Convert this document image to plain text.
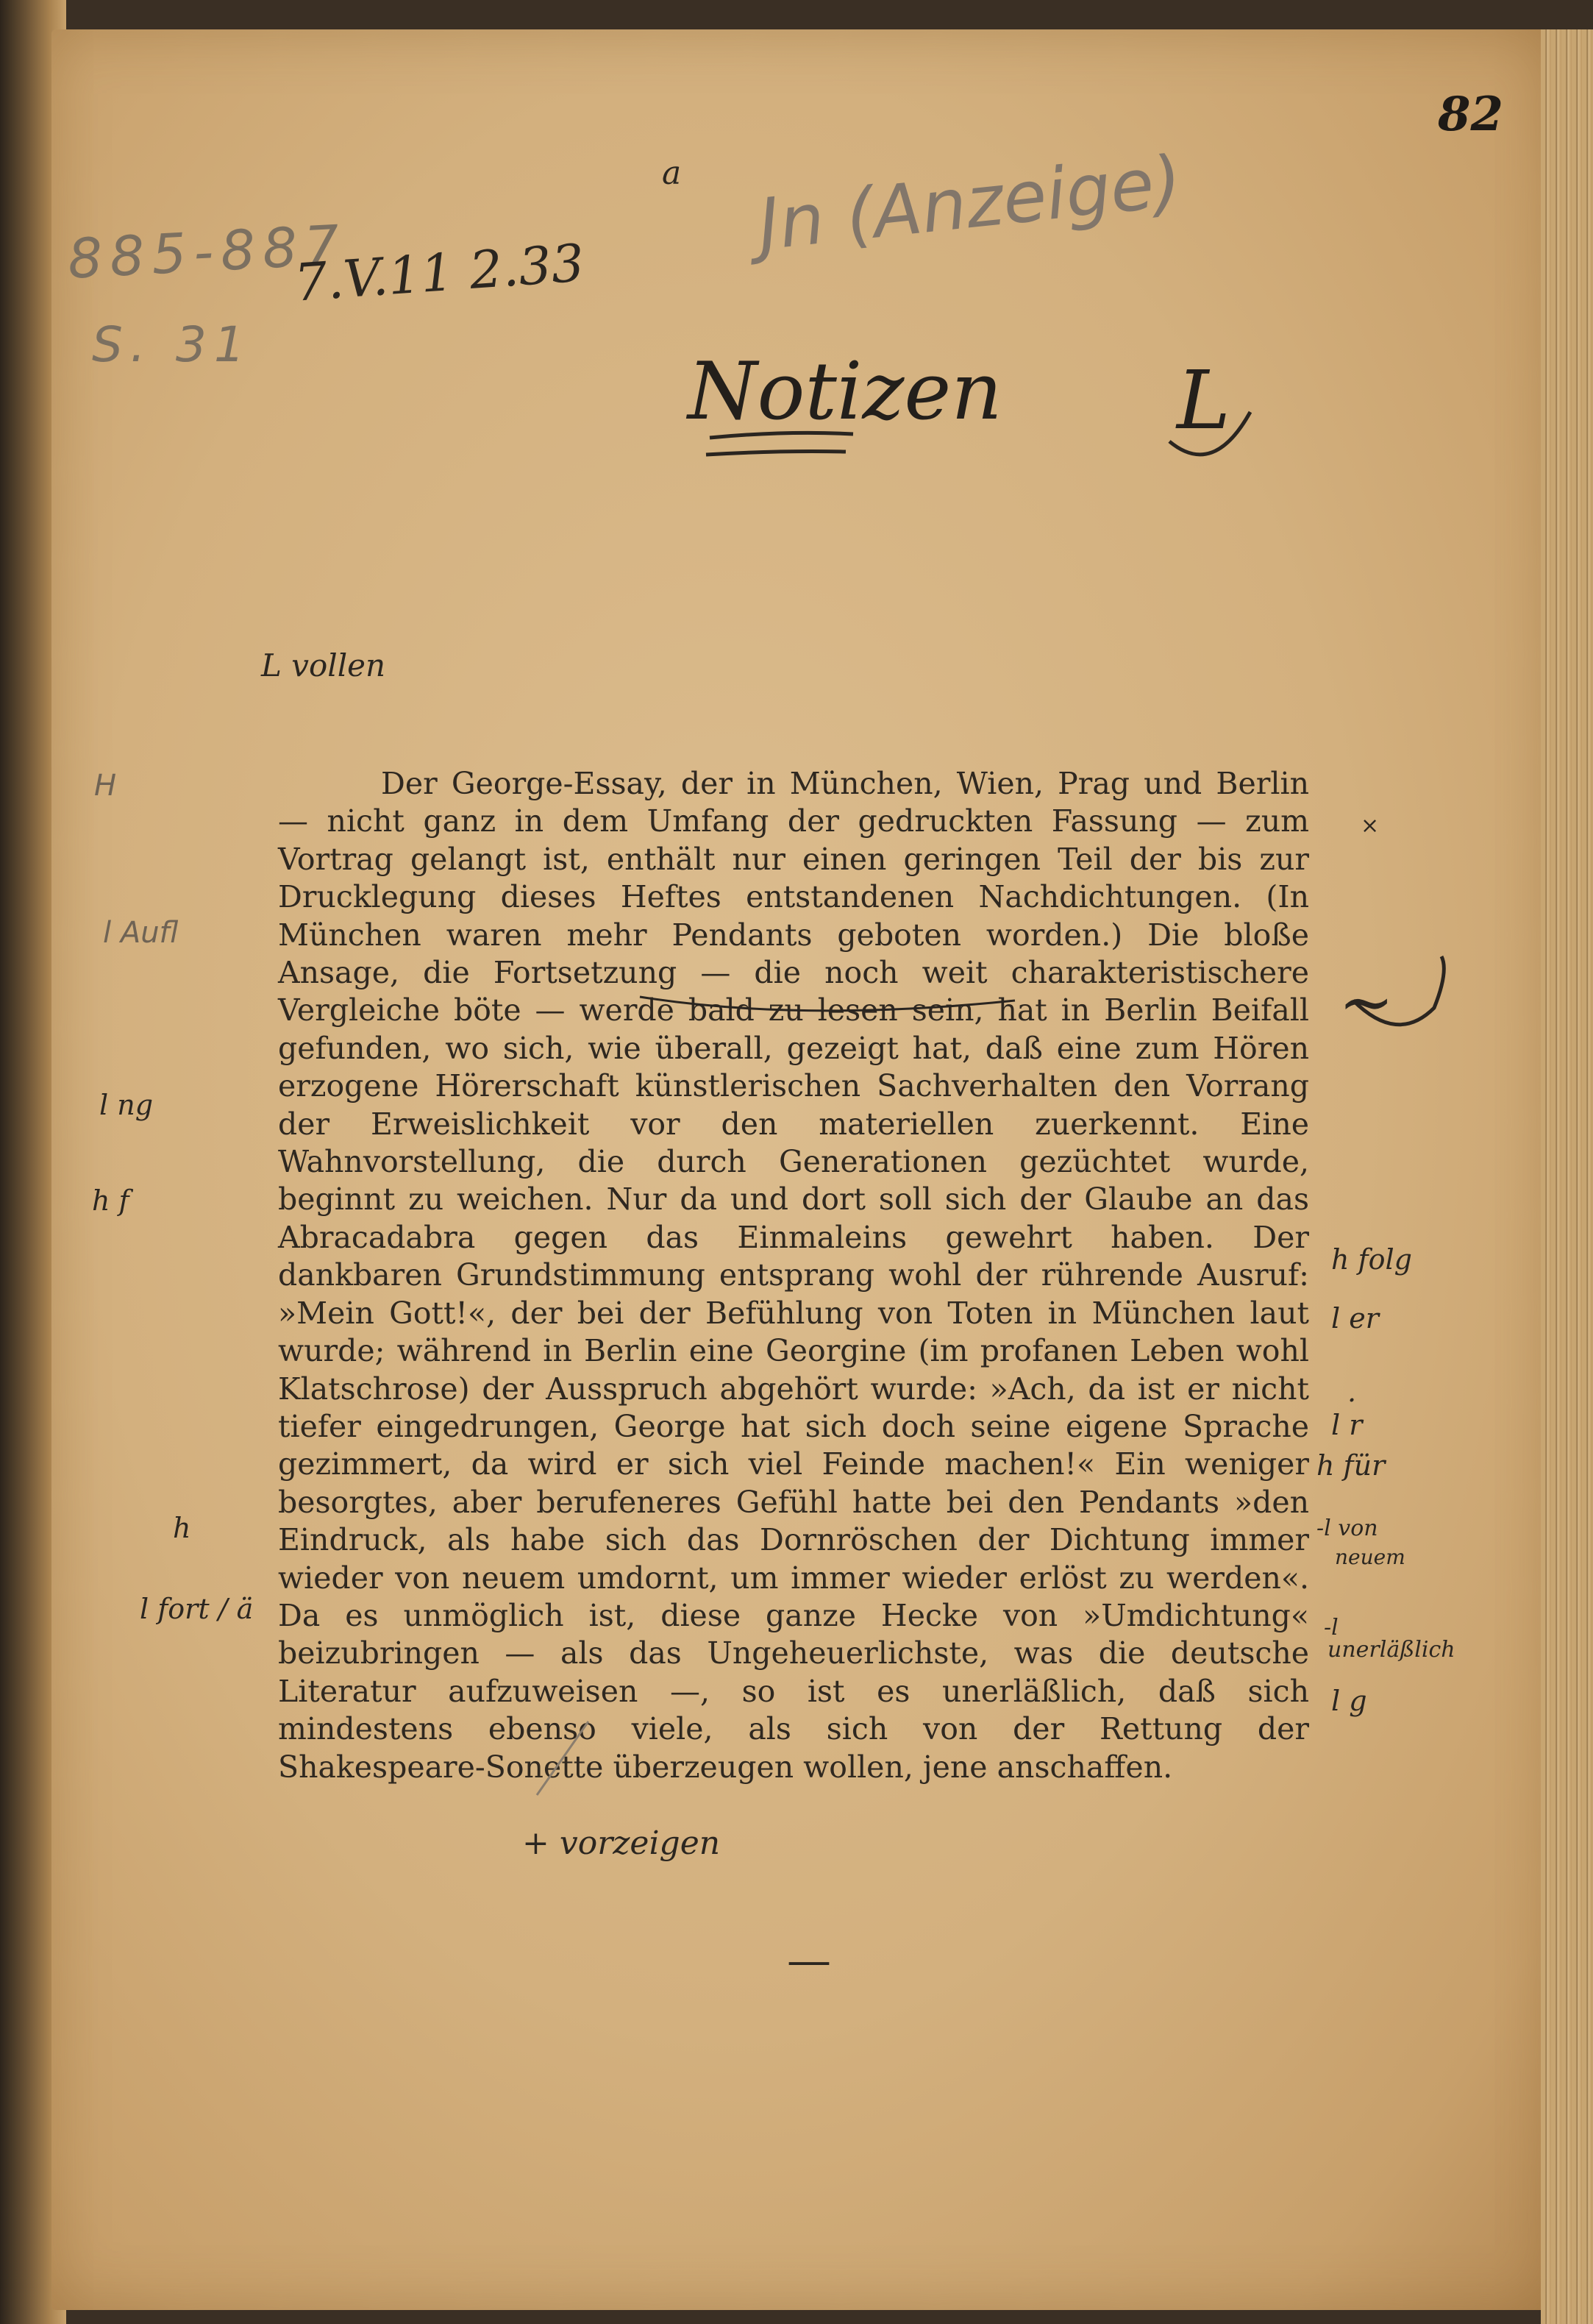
82
885-887
S. 31
7.V.11 2.33
a Jn (Anzeige)
Notizen L
L vollen

Der George-Essay, der in München, Wien, Prag und Berlin — nicht ganz in dem Umfang der gedruckten Fassung — zum Vortrag gelangt ist, enthält nur einen geringen Teil der bis zur Drucklegung dieses Heftes entstandenen Nachdichtungen. (In München waren mehr Pendants geboten worden.) Die bloße Ansage, die Fortsetzung — die noch weit charakteristischere Vergleiche böte — werde bald zu lesen sein, hat in Berlin Beifall gefunden, wo sich, wie überall, gezeigt hat, daß eine zum Hören erzogene Hörerschaft künstlerischen Sachverhalten den Vorrang der Erweislichkeit vor den materiellen zuerkennt. Eine Wahnvorstellung, die durch Generationen gezüchtet wurde, beginnt zu weichen. Nur da und dort soll sich der Glaube an das Abracadabra gegen das Einmaleins gewehrt haben. Der dankbaren Grundstimmung entsprang wohl der rührende Ausruf: »Mein Gott!«, der bei der Befühlung von Toten in München laut wurde; während in Berlin eine Georgine (im profanen Leben wohl Klatschrose) der Ausspruch abgehört wurde: »Ach, da ist er nicht tiefer eingedrungen, George hat sich doch seine eigene Sprache gezimmert, da wird er sich viel Feinde machen!« Ein weniger besorgtes, aber berufeneres Gefühl hatte bei den Pendants »den Eindruck, als habe sich das Dornröschen der Dichtung immer wieder von neuem umdornt, um immer wieder erlöst zu werden«. Da es unmöglich ist, diese ganze Hecke von »Umdichtung« beizubringen — als das Ungeheuerlichste, was die deutsche Literatur aufzuweisen —, so ist es unerläßlich, daß sich mindestens ebenso viele, als sich von der Rettung der Shakespeare-Sonette überzeugen wollen, jene anschaffen.

H
l Aufl
l ng
h f
h
l fort / ä
×
∼
h folg
l er
.
l r
h für
-l von
neuem
-l
unerläßlich
l g
+ vorzeigen
—
